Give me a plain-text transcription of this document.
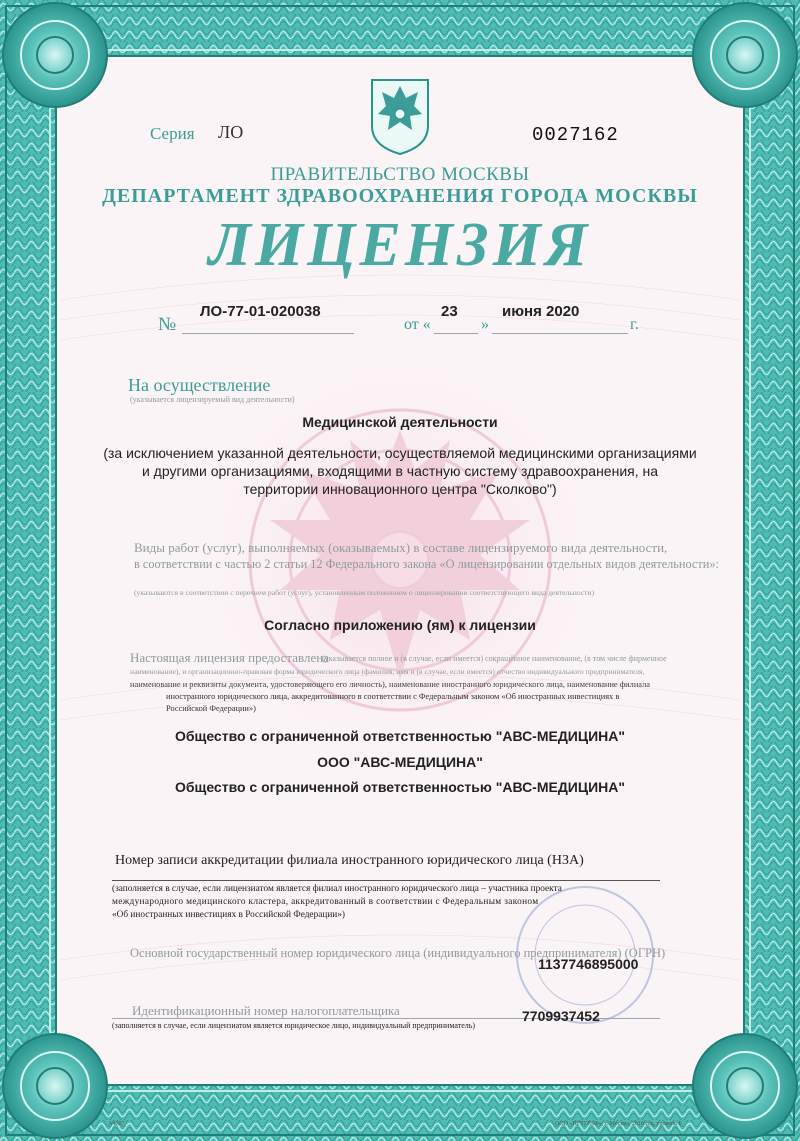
Серия ЛО	0027162
ПРАВИТЕЛЬСТВО МОСКВЫ
ДЕПАРТАМЕНТ ЗДРАВООХРАНЕНИЯ ГОРОДА МОСКВЫ
ЛИЦЕНЗИЯ
№
ЛО-77-01-020038
от «
23
»
июня 2020
г.
На осуществление
(указывается лицензируемый вид деятельности)
Медицинской деятельности
(за исключением указанной деятельности, осуществляемой медицинскими организациями
и другими организациями, входящими в частную систему здравоохранения, на
территории инновационного центра "Сколково")
Виды работ (услуг), выполняемых (оказываемых) в составе лицензируемого вида деятельности,
в соответствии с частью 2 статьи 12 Федерального закона «О лицензировании отдельных видов деятельности»:
(указываются в соответствии с перечнем работ (услуг), установленным положением о лицензировании соответствующего вида деятельности)
Согласно приложению (ям) к лицензии
Настоящая лицензия предоставлена
(указывается полное и (в случае, если имеется) сокращённое наименование, (в том числе фирменное
наименование), и организационно-правовая форма юридического лица (фамилия, имя и (в случае, если имеется) отчество индивидуального предпринимателя,
наименование и реквизиты документа, удостоверяющего его личность), наименование иностранного юридического лица, наименование филиала
иностранного юридического лица, аккредитованного в соответствии с Федеральным законом «Об иностранных инвестициях в
Российской Федерации»)
Общество с ограниченной ответственностью "АВС-МЕДИЦИНА"
ООО "АВС-МЕДИЦИНА"
Общество с ограниченной ответственностью "АВС-МЕДИЦИНА"
Номер записи аккредитации филиала иностранного юридического лица (НЗА)
(заполняется в случае, если лицензиатом является филиал иностранного юридического лица – участника проекта
международного медицинского кластера, аккредитованный в соответствии с Федеральным законом
«Об иностранных инвестициях в Российской Федерации»)
Основной государственный номер юридического лица (индивидуального предпринимателя) (ОГРН)
1137746895000
Идентификационный номер налогоплательщика
(заполняется в случае, если лицензиатом является юридическое лицо, индивидуальный предприниматель)
7709937452
А4607	ООО «НГТГРАФ», г. Москва, 2018 год, уровень Б
